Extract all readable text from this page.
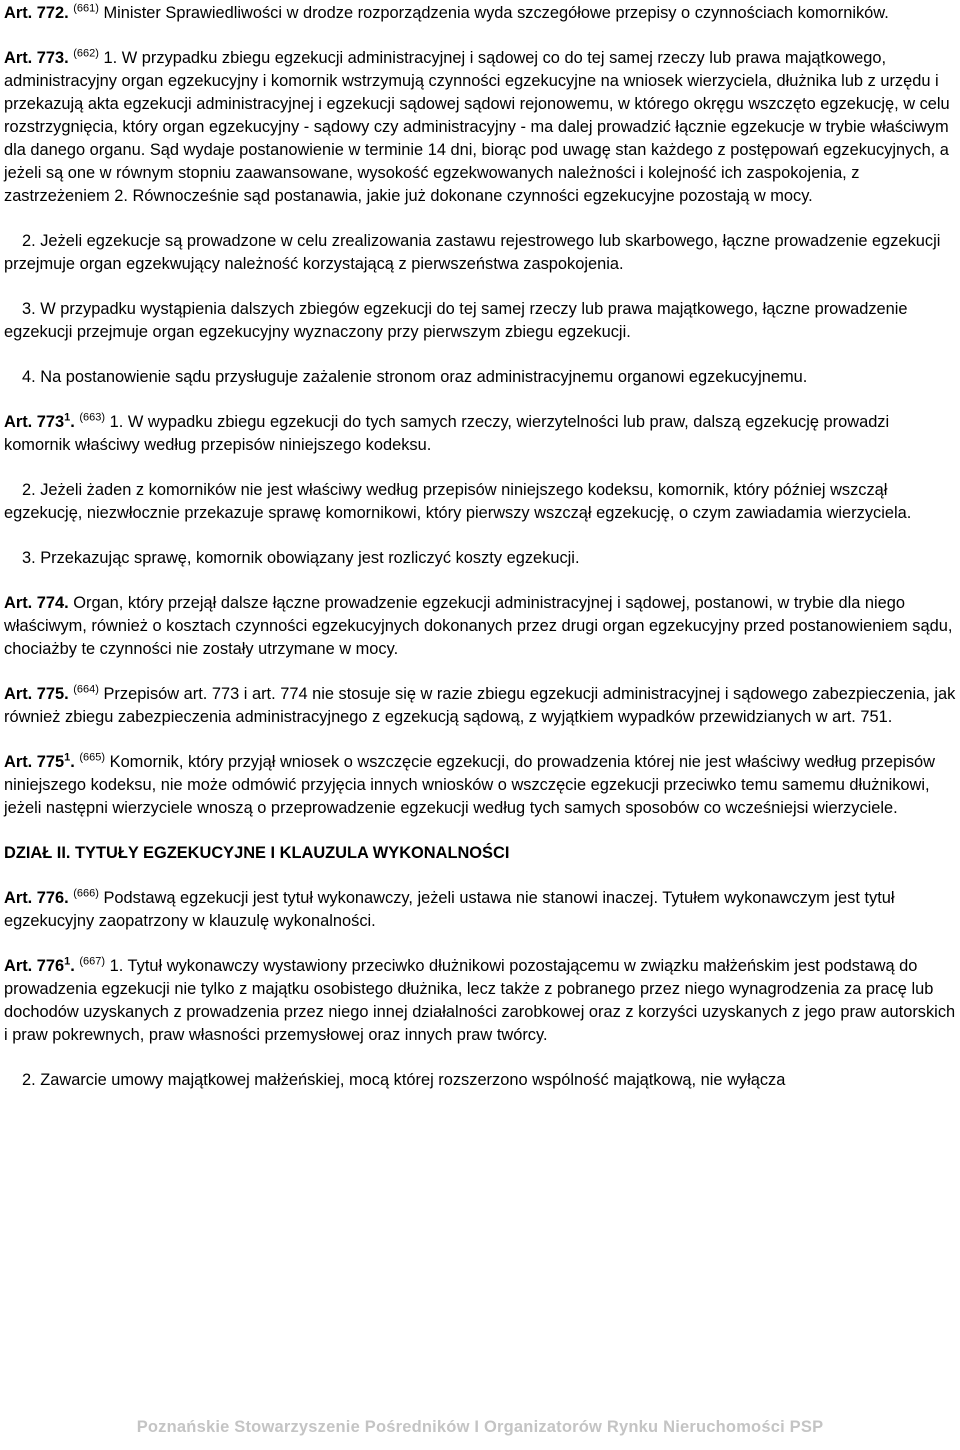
Art. 772. $^{(661)}$ Minister Sprawiedliwości w drodze rozporządzenia wyda szczegółowe przepisy o czynnościach komorników.

Art. 773. $^{(662)}$ 1. W przypadku zbiegu egzekucji administracyjnej i sądowej co do tej samej rzeczy lub prawa majątkowego, administracyjny organ egzekucyjny i komornik wstrzymują czynności egzekucyjne na wniosek wierzyciela, dłużnika lub z urzędu i przekazują akta egzekucji administracyjnej i egzekucji sądowej sądowi rejonowemu, w którego okręgu wszczęto egzekucję, w celu rozstrzygnięcia, który organ egzekucyjny - sądowy czy administracyjny - ma dalej prowadzić łącznie egzekucje w trybie właściwym dla danego organu. Sąd wydaje postanowienie w terminie 14 dni, biorąc pod uwagę stan każdego z postępowań egzekucyjnych, a jeżeli są one w równym stopniu zaawansowane, wysokość egzekwowanych należności i kolejność ich zaspokojenia, z zastrzeżeniem 2. Równocześnie sąd postanawia, jakie już dokonane czynności egzekucyjne pozostają w mocy.

2. Jeżeli egzekucje są prowadzone w celu zrealizowania zastawu rejestrowego lub skarbowego, łączne prowadzenie egzekucji przejmuje organ egzekwujący należność korzystającą z pierwszeństwa zaspokojenia.

3. W przypadku wystąpienia dalszych zbiegów egzekucji do tej samej rzeczy lub prawa majątkowego, łączne prowadzenie egzekucji przejmuje organ egzekucyjny wyznaczony przy pierwszym zbiegu egzekucji.

4. Na postanowienie sądu przysługuje zażalenie stronom oraz administracyjnemu organowi egzekucyjnemu.

Art. $773^1$. $^{(663)}$ 1. W wypadku zbiegu egzekucji do tych samych rzeczy, wierzytelności lub praw, dalszą egzekucję prowadzi komornik właściwy według przepisów niniejszego kodeksu.

2. Jeżeli żaden z komorników nie jest właściwy według przepisów niniejszego kodeksu, komornik, który później wszczął egzekucję, niezwłocznie przekazuje sprawę komornikowi, który pierwszy wszczął egzekucję, o czym zawiadamia wierzyciela.

3. Przekazując sprawę, komornik obowiązany jest rozliczyć koszty egzekucji.

Art. 774. Organ, który przejął dalsze łączne prowadzenie egzekucji administracyjnej i sądowej, postanowi, w trybie dla niego właściwym, również o kosztach czynności egzekucyjnych dokonanych przez drugi organ egzekucyjny przed postanowieniem sądu, chociażby te czynności nie zostały utrzymane w mocy.

Art. 775. $^{(664)}$ Przepisów art. 773 i art. 774 nie stosuje się w razie zbiegu egzekucji administracyjnej i sądowego zabezpieczenia, jak również zbiegu zabezpieczenia administracyjnego z egzekucją sądową, z wyjątkiem wypadków przewidzianych w art. 751.

Art. $775^1$. $^{(665)}$ Komornik, który przyjął wniosek o wszczęcie egzekucji, do prowadzenia której nie jest właściwy według przepisów niniejszego kodeksu, nie może odmówić przyjęcia innych wniosków o wszczęcie egzekucji przeciwko temu samemu dłużnikowi, jeżeli następni wierzyciele wnoszą o przeprowadzenie egzekucji według tych samych sposobów co wcześniejsi wierzyciele.

DZIAŁ II. TYTUŁY EGZEKUCYJNE I KLAUZULA WYKONALNOŚCI

Art. 776. $^{(666)}$ Podstawą egzekucji jest tytuł wykonawczy, jeżeli ustawa nie stanowi inaczej. Tytułem wykonawczym jest tytuł egzekucyjny zaopatrzony w klauzulę wykonalności.

Art. $776^1$. $^{(667)}$ 1. Tytuł wykonawczy wystawiony przeciwko dłużnikowi pozostającemu w związku małżeńskim jest podstawą do prowadzenia egzekucji nie tylko z majątku osobistego dłużnika, lecz także z pobranego przez niego wynagrodzenia za pracę lub dochodów uzyskanych z prowadzenia przez niego innej działalności zarobkowej oraz z korzyści uzyskanych z jego praw autorskich i praw pokrewnych, praw własności przemysłowej oraz innych praw twórcy.

2. Zawarcie umowy majątkowej małżeńskiej, mocą której rozszerzono wspólność majątkową, nie wyłącza

Poznańskie Stowarzyszenie Pośredników I Organizatorów Rynku Nieruchomości PSP
